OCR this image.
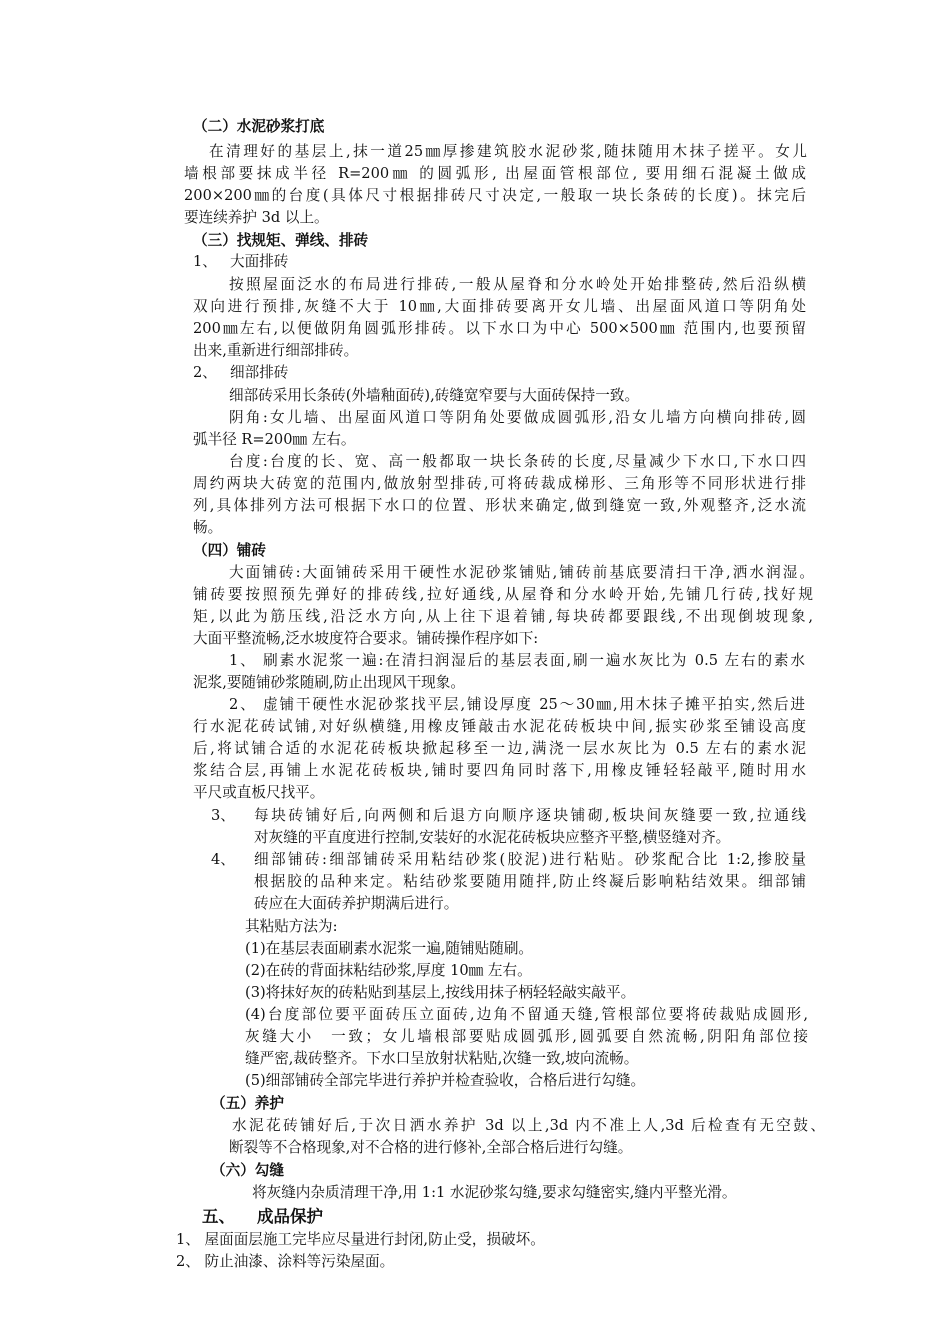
（二）水泥砂浆打底
在清理好的基层上,抹一道25㎜厚掺建筑胶水泥砂浆,随抹随用木抹子搓平。女儿
墙根部要抹成半径 R=200㎜ 的圆弧形, 出屋面管根部位, 要用细石混凝土做成
200×200㎜的台度(具体尺寸根据排砖尺寸决定,一般取一块长条砖的长度)。抹完后
要连续养护 3d 以上。
（三）找规矩、弹线、排砖
1、 大面排砖
按照屋面泛水的布局进行排砖,一般从屋脊和分水岭处开始排整砖,然后沿纵横
双向进行预排,灰缝不大于 10㎜,大面排砖要离开女儿墙、出屋面风道口等阴角处
200㎜左右,以便做阴角圆弧形排砖。以下水口为中心 500×500㎜ 范围内,也要预留
出来,重新进行细部排砖。
2、 细部排砖
细部砖采用长条砖(外墙釉面砖),砖缝宽窄要与大面砖保持一致。
阴角:女儿墙、出屋面风道口等阴角处要做成圆弧形,沿女儿墙方向横向排砖,圆
弧半径 R=200㎜ 左右。
台度:台度的长、宽、高一般都取一块长条砖的长度,尽量减少下水口,下水口四
周约两块大砖宽的范围内,做放射型排砖,可将砖裁成梯形、三角形等不同形状进行排
列,具体排列方法可根据下水口的位置、形状来确定,做到缝宽一致,外观整齐,泛水流
畅。
（四）铺砖
大面铺砖:大面铺砖采用干硬性水泥砂浆铺贴,铺砖前基底要清扫干净,洒水润湿。
铺砖要按照预先弹好的排砖线,拉好通线,从屋脊和分水岭开始,先铺几行砖,找好规
矩,以此为筋压线,沿泛水方向,从上往下退着铺,每块砖都要跟线,不出现倒坡现象,
大面平整流畅,泛水坡度符合要求。铺砖操作程序如下:
1、 刷素水泥浆一遍:在清扫润湿后的基层表面,刷一遍水灰比为 0.5 左右的素水
泥浆,要随铺砂浆随刷,防止出现风干现象。
2、 虚铺干硬性水泥砂浆找平层,铺设厚度 25～30㎜,用木抹子摊平拍实,然后进
行水泥花砖试铺,对好纵横缝,用橡皮锤敲击水泥花砖板块中间,振实砂浆至铺设高度
后,将试铺合适的水泥花砖板块掀起移至一边,满浇一层水灰比为 0.5 左右的素水泥
浆结合层,再铺上水泥花砖板块,铺时要四角同时落下,用橡皮锤轻轻敲平,随时用水
平尺或直板尺找平。
3、 每块砖铺好后,向两侧和后退方向顺序逐块铺砌,板块间灰缝要一致,拉通线
对灰缝的平直度进行控制,安装好的水泥花砖板块应整齐平整,横竖缝对齐。
4、 细部铺砖:细部铺砖采用粘结砂浆(胶泥)进行粘贴。砂浆配合比 1:2,掺胶量
根据胶的品种来定。粘结砂浆要随用随拌,防止终凝后影响粘结效果。细部铺
砖应在大面砖养护期满后进行。
其粘贴方法为:
(1)在基层表面刷素水泥浆一遍,随铺贴随刷。
(2)在砖的背面抹粘结砂浆,厚度 10㎜ 左右。
(3)将抹好灰的砖粘贴到基层上,按线用抹子柄轻轻敲实敲平。
(4)台度部位要平面砖压立面砖,边角不留通天缝,管根部位要将砖裁贴成圆形,
灰缝大小　一致；女儿墙根部要贴成圆弧形,圆弧要自然流畅,阴阳角部位接
缝严密,裁砖整齐。下水口呈放射状粘贴,次缝一致,坡向流畅。
(5)细部铺砖全部完毕进行养护并检查验收，合格后进行勾缝。
（五）养护
水泥花砖铺好后,于次日洒水养护 3d 以上,3d 内不准上人,3d 后检查有无空鼓、
断裂等不合格现象,对不合格的进行修补,全部合格后进行勾缝。
（六）勾缝
将灰缝内杂质清理干净,用 1:1 水泥砂浆勾缝,要求勾缝密实,缝内平整光滑。
五、 成品保护
1、 屋面面层施工完毕应尽量进行封闭,防止受，损破坏。
2、 防止油漆、涂料等污染屋面。
